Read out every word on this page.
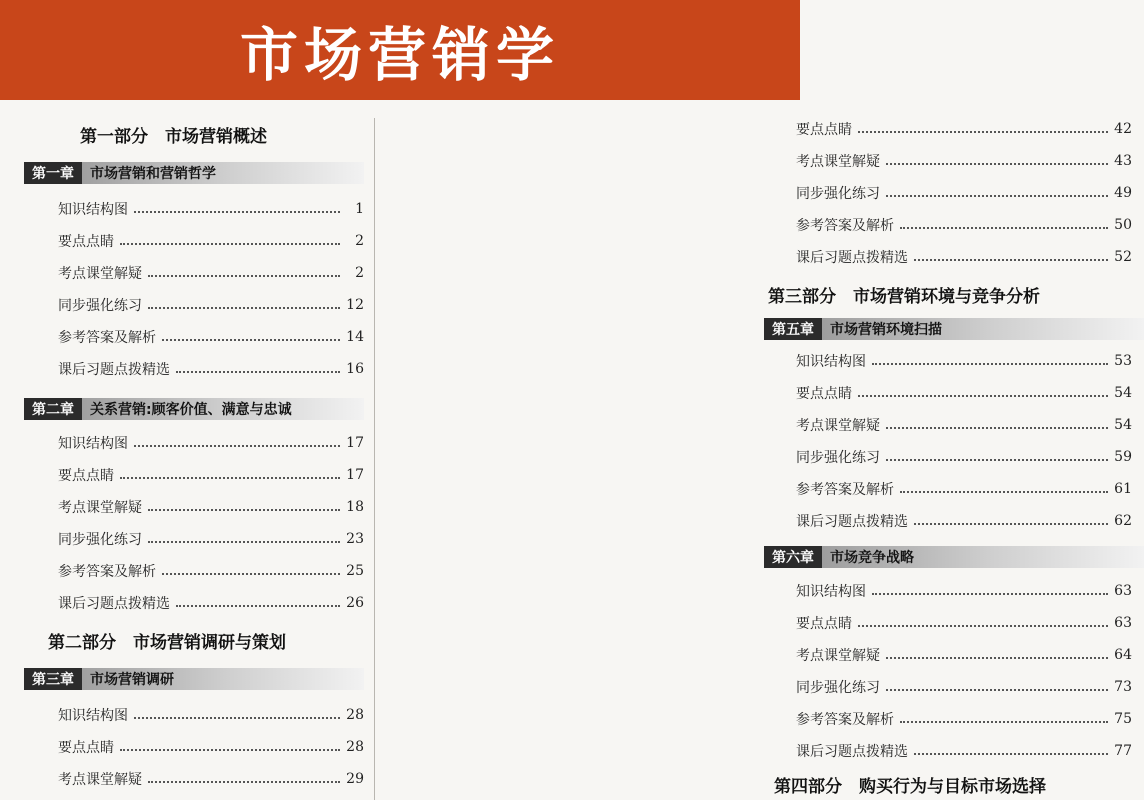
市场营销学
第一部分　市场营销概述
第一章	市场营销和营销哲学
知识结构图	1
要点点睛	2
考点课堂解疑	2
同步强化练习	12
参考答案及解析	14
课后习题点拨精选	16
第二章	关系营销:顾客价值、满意与忠诚
知识结构图	17
要点点睛	17
考点课堂解疑	18
同步强化练习	23
参考答案及解析	25
课后习题点拨精选	26
第二部分　市场营销调研与策划
第三章	市场营销调研
知识结构图	28
要点点睛	28
考点课堂解疑	29
要点点睛	42
考点课堂解疑	43
同步强化练习	49
参考答案及解析	50
课后习题点拨精选	52
第三部分　市场营销环境与竞争分析
第五章	市场营销环境扫描
知识结构图	53
要点点睛	54
考点课堂解疑	54
同步强化练习	59
参考答案及解析	61
课后习题点拨精选	62
第六章	市场竞争战略
知识结构图	63
要点点睛	63
考点课堂解疑	64
同步强化练习	73
参考答案及解析	75
课后习题点拨精选	77
第四部分　购买行为与目标市场选择
